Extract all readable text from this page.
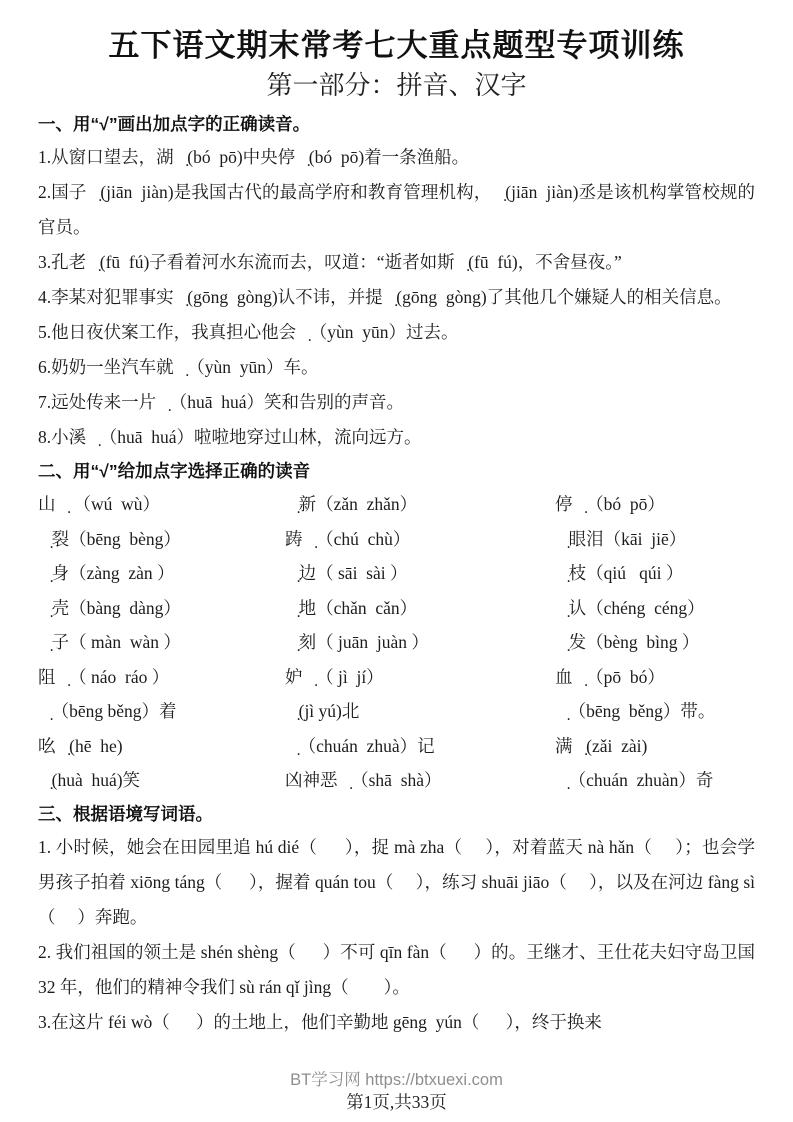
五下语文期末常考七大重点题型专项训练
第一部分：拼音、汉字
一、用“√”画出加点字的正确读音。

1.从窗口望去，湖泊̣(bó  pō)中央停泊̣(bó  pō)着一条渔船。

2.国子监̣(jiān  jiàn)是我国古代的最高学府和教育管理机构，监̣(jiān  jiàn)丞是该机构掌管校规的官员。

3.孔老夫̣(fū  fú)子看着河水东流而去，叹道：“逝者如斯夫̣(fū  fú)，不舍昼夜。”

4.李某对犯罪事实供̣(gōng  gòng)认不讳，并提供̣(gōng  gòng)了其他几个嫌疑人的相关信息。

5.他日夜伏案工作，我真担心他会晕̣（yùn  yūn）过去。

6.奶奶一坐汽车就晕̣（yùn  yūn）车。

7.远处传来一片哗̣（huā  huá）笑和告别的声音。

8.小溪哗̣（huā  huá）啦啦地穿过山林，流向远方。

二、用“√”给加点字选择正确的读音
山坞̣ （wú  wù）	崭̣新（zǎn  zhǎn）	停泊̣（bó  pō）
迸̣裂（bēng  bèng）	踌躇̣（chú  chù）	揩̣眼泪（kāi  jiē）
葬̣身（zàng  zàn ）	腮̣边（ sāi  sài ）	虬̣枝（qiú   qúi ）
蚌̣壳（bàng  dàng）	铲̣地（chǎn  cǎn）	承̣认（chéng  céng）
幔̣子（ màn  wàn ）	镌̣刻（ juān  juàn ）	迸̣发（bèng  bìng ）
阻挠̣（ náo  ráo ）	妒忌̣（ jì  jí）	血泊̣（pō  bó）
绷̣（bēng běng）着	蓟̣(jì yú)北	绷̣（bēng  běng）带。
吆喝̣(hē  he)	传̣（chuán  zhuà）记	满载̣(zǎi  zài)
哗̣(huà  huá)笑	凶神恶煞̣（shā  shà）	传̣（chuán  zhuàn）奇
三、根据语境写词语。

1. 小时候，她会在田园里追 hú dié（      ），捉 mà zha（     ），对着蓝天 nà hǎn（     ）；也会学男孩子拍着 xiōng táng（      ），握着 quán tou（     ），练习 shuāi jiāo（     ），以及在河边 fàng sì（     ）奔跑。

2. 我们祖国的领土是 shén shèng（      ）不可 qīn fàn（      ）的。王继才、王仕花夫妇守岛卫国 32 年，他们的精神令我们 sù rán qǐ jìng（        ）。

3.在这片 féi wò（      ）的土地上，他们辛勤地 gēng  yún（      ），终于换来

BT学习网 https://btxuexi.com
第1页,共33页
